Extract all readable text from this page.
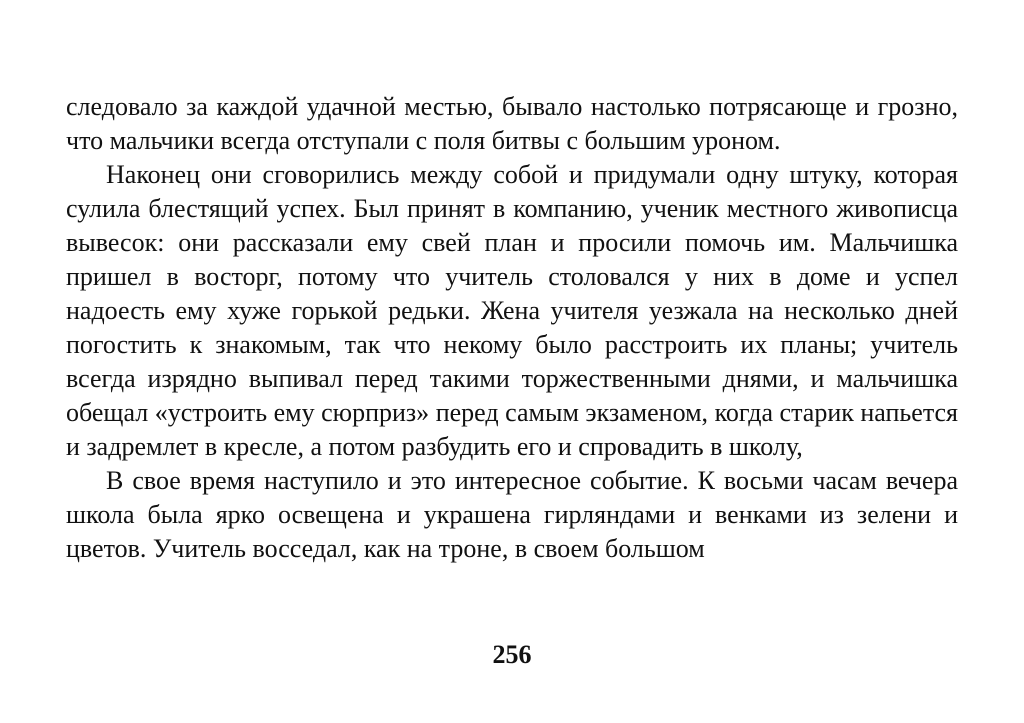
следовало за каждой удачной местью, бывало настолько потрясающе и грозно, что мальчики всегда отступали с поля битвы с большим уроном.

Наконец они сговорились между собой и придумали одну штуку, которая сулила блестящий успех. Был принят в компанию, ученик местного живописца вывесок: они рассказали ему свей план и просили помочь им. Мальчишка пришел в восторг, потому что учитель столовался у них в доме и успел надоесть ему хуже горькой редьки. Жена учителя уезжала на несколько дней погостить к знакомым, так что некому было расстроить их планы; учитель всегда изрядно выпивал перед такими торжественными днями, и мальчишка обещал «устроить ему сюрприз» перед самым экзаменом, когда старик напьется и задремлет в кресле, а потом разбудить его и спровадить в школу,

В свое время наступило и это интересное событие. К восьми часам вечера школа была ярко освещена и украшена гирляндами и венками из зелени и цветов. Учитель восседал, как на троне, в своем большом

256
